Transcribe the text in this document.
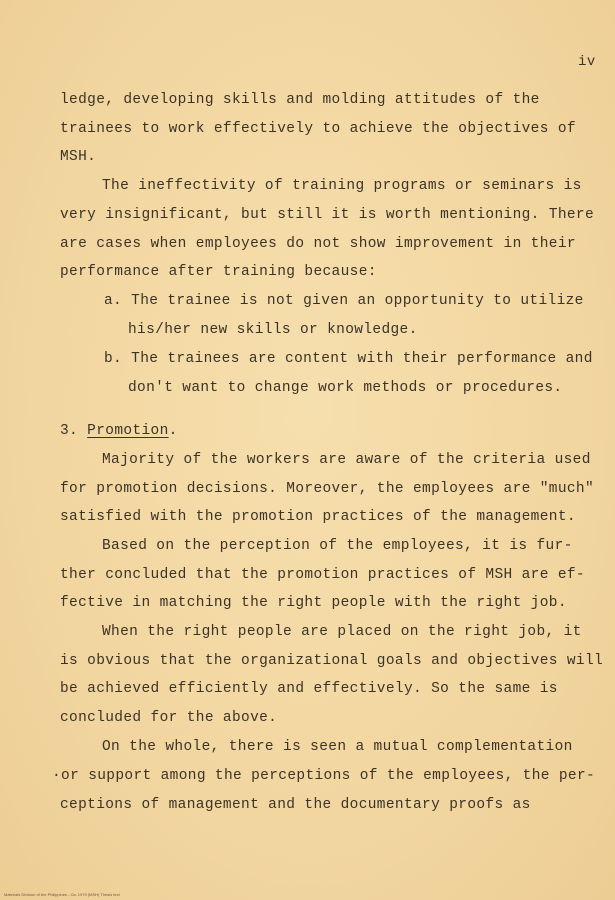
iv
ledge, developing skills and molding attitudes of the
trainees to work effectively to achieve the objectives of
MSH.
The ineffectivity of training programs or seminars is
very insignificant, but still it is worth mentioning. There
are cases when employees do not show improvement in their
performance after training because:
a. The trainee is not given an opportunity to utilize
his/her new skills or knowledge.
b. The trainees are content with their performance and
don't want to change work methods or procedures.
3. Promotion.
Majority of the workers are aware of the criteria used
for promotion decisions. Moreover, the employees are "much"
satisfied with the promotion practices of the management.
Based on the perception of the employees, it is fur-
ther concluded that the promotion practices of MSH are ef-
fective in matching the right people with the right job.
When the right people are placed on the right job, it
is obvious that the organizational goals and objectives will
be achieved efficiently and effectively. So the same is
concluded for the above.
On the whole, there is seen a mutual complementation
·or support among the perceptions of the employees, the per-
ceptions of management and the documentary proofs as
Materials Division of the Philippines - Ca. 1979 (MSH) Thesis text
